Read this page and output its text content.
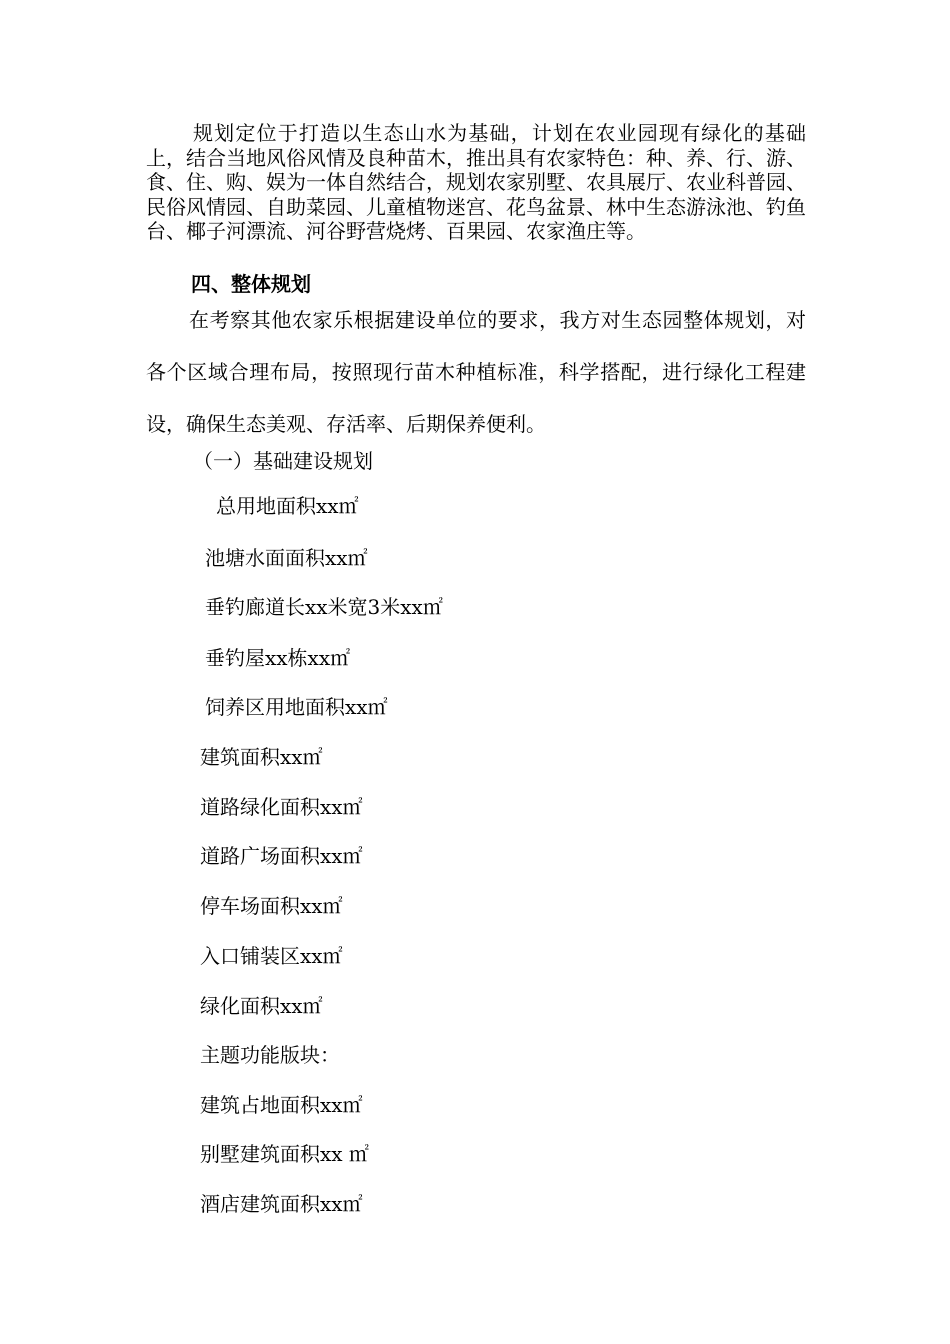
规划定位于打造以生态山水为基础，计划在农业园现有绿化的基础上，结合当地风俗风情及良种苗木，推出具有农家特色：种、养、行、游、食、住、购、娱为一体自然结合，规划农家别墅、农具展厅、农业科普园、民俗风情园、自助菜园、儿童植物迷宫、花鸟盆景、林中生态游泳池、钓鱼台、椰子河漂流、河谷野营烧烤、百果园、农家渔庄等。

四、整体规划

在考察其他农家乐根据建设单位的要求，我方对生态园整体规划，对各个区域合理布局，按照现行苗木种植标准，科学搭配，进行绿化工程建设，确保生态美观、存活率、后期保养便利。

（一）基础建设规划

总用地面积xx㎡

池塘水面面积xx㎡

垂钓廊道长xx米宽3米xx㎡

垂钓屋xx栋xx㎡

饲养区用地面积xx㎡

建筑面积xx㎡

道路绿化面积xx㎡

道路广场面积xx㎡

停车场面积xx㎡

入口铺装区xx㎡

绿化面积xx㎡

主题功能版块：

建筑占地面积xx㎡

别墅建筑面积xx ㎡

酒店建筑面积xx㎡
